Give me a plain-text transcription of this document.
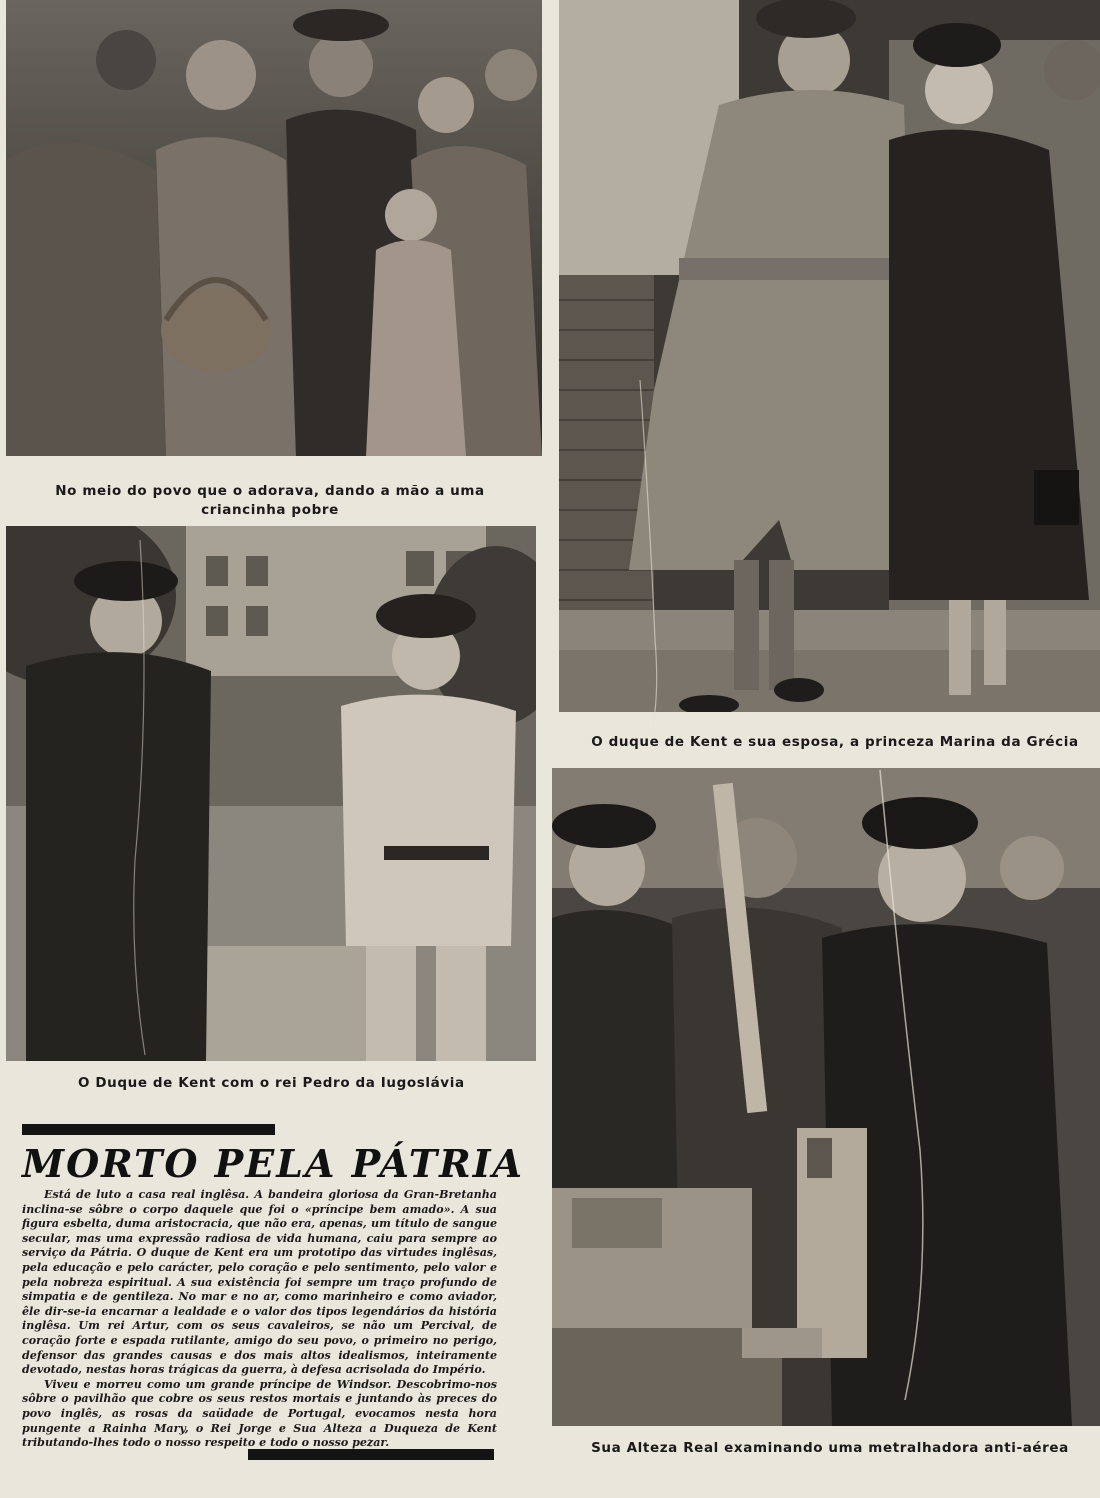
No meio do povo que o adorava, dando a mão a uma criancinha pobre
O duque de Kent e sua esposa, a princeza Marina da Grécia
O Duque de Kent com o rei Pedro da Iugoslávia
Sua Alteza Real examinando uma metralhadora anti-aérea
MORTO PELA PÁTRIA

Está de luto a casa real inglêsa. A bandeira gloriosa da Gran-Bretanha inclina-se sôbre o corpo daquele que foi o «príncipe bem amado». A sua figura esbelta, duma aristocracia, que não era, apenas, um título de sangue secular, mas uma expressão radiosa de vida humana, caiu para sempre ao serviço da Pátria. O duque de Kent era um prototipo das virtudes inglêsas, pela educação e pelo carácter, pelo coração e pelo sentimento, pelo valor e pela nobreza espiritual. A sua existência foi sempre um traço profundo de simpatia e de gentileza. No mar e no ar, como marinheiro e como aviador, êle dir-se-ia encarnar a lealdade e o valor dos tipos legendários da história inglêsa. Um rei Artur, com os seus cavaleiros, se não um Percival, de coração forte e espada rutilante, amigo do seu povo, o primeiro no perigo, defensor das grandes causas e dos mais altos idealismos, inteiramente devotado, nestas horas trágicas da guerra, à defesa acrisolada do Império.

Viveu e morreu como um grande príncipe de Windsor. Descobrimo-nos sôbre o pavilhão que cobre os seus restos mortais e juntando às preces do povo inglês, as rosas da saüdade de Portugal, evocamos nesta hora pungente a Rainha Mary, o Rei Jorge e Sua Alteza a Duqueza de Kent tributando-lhes todo o nosso respeito e todo o nosso pezar.
